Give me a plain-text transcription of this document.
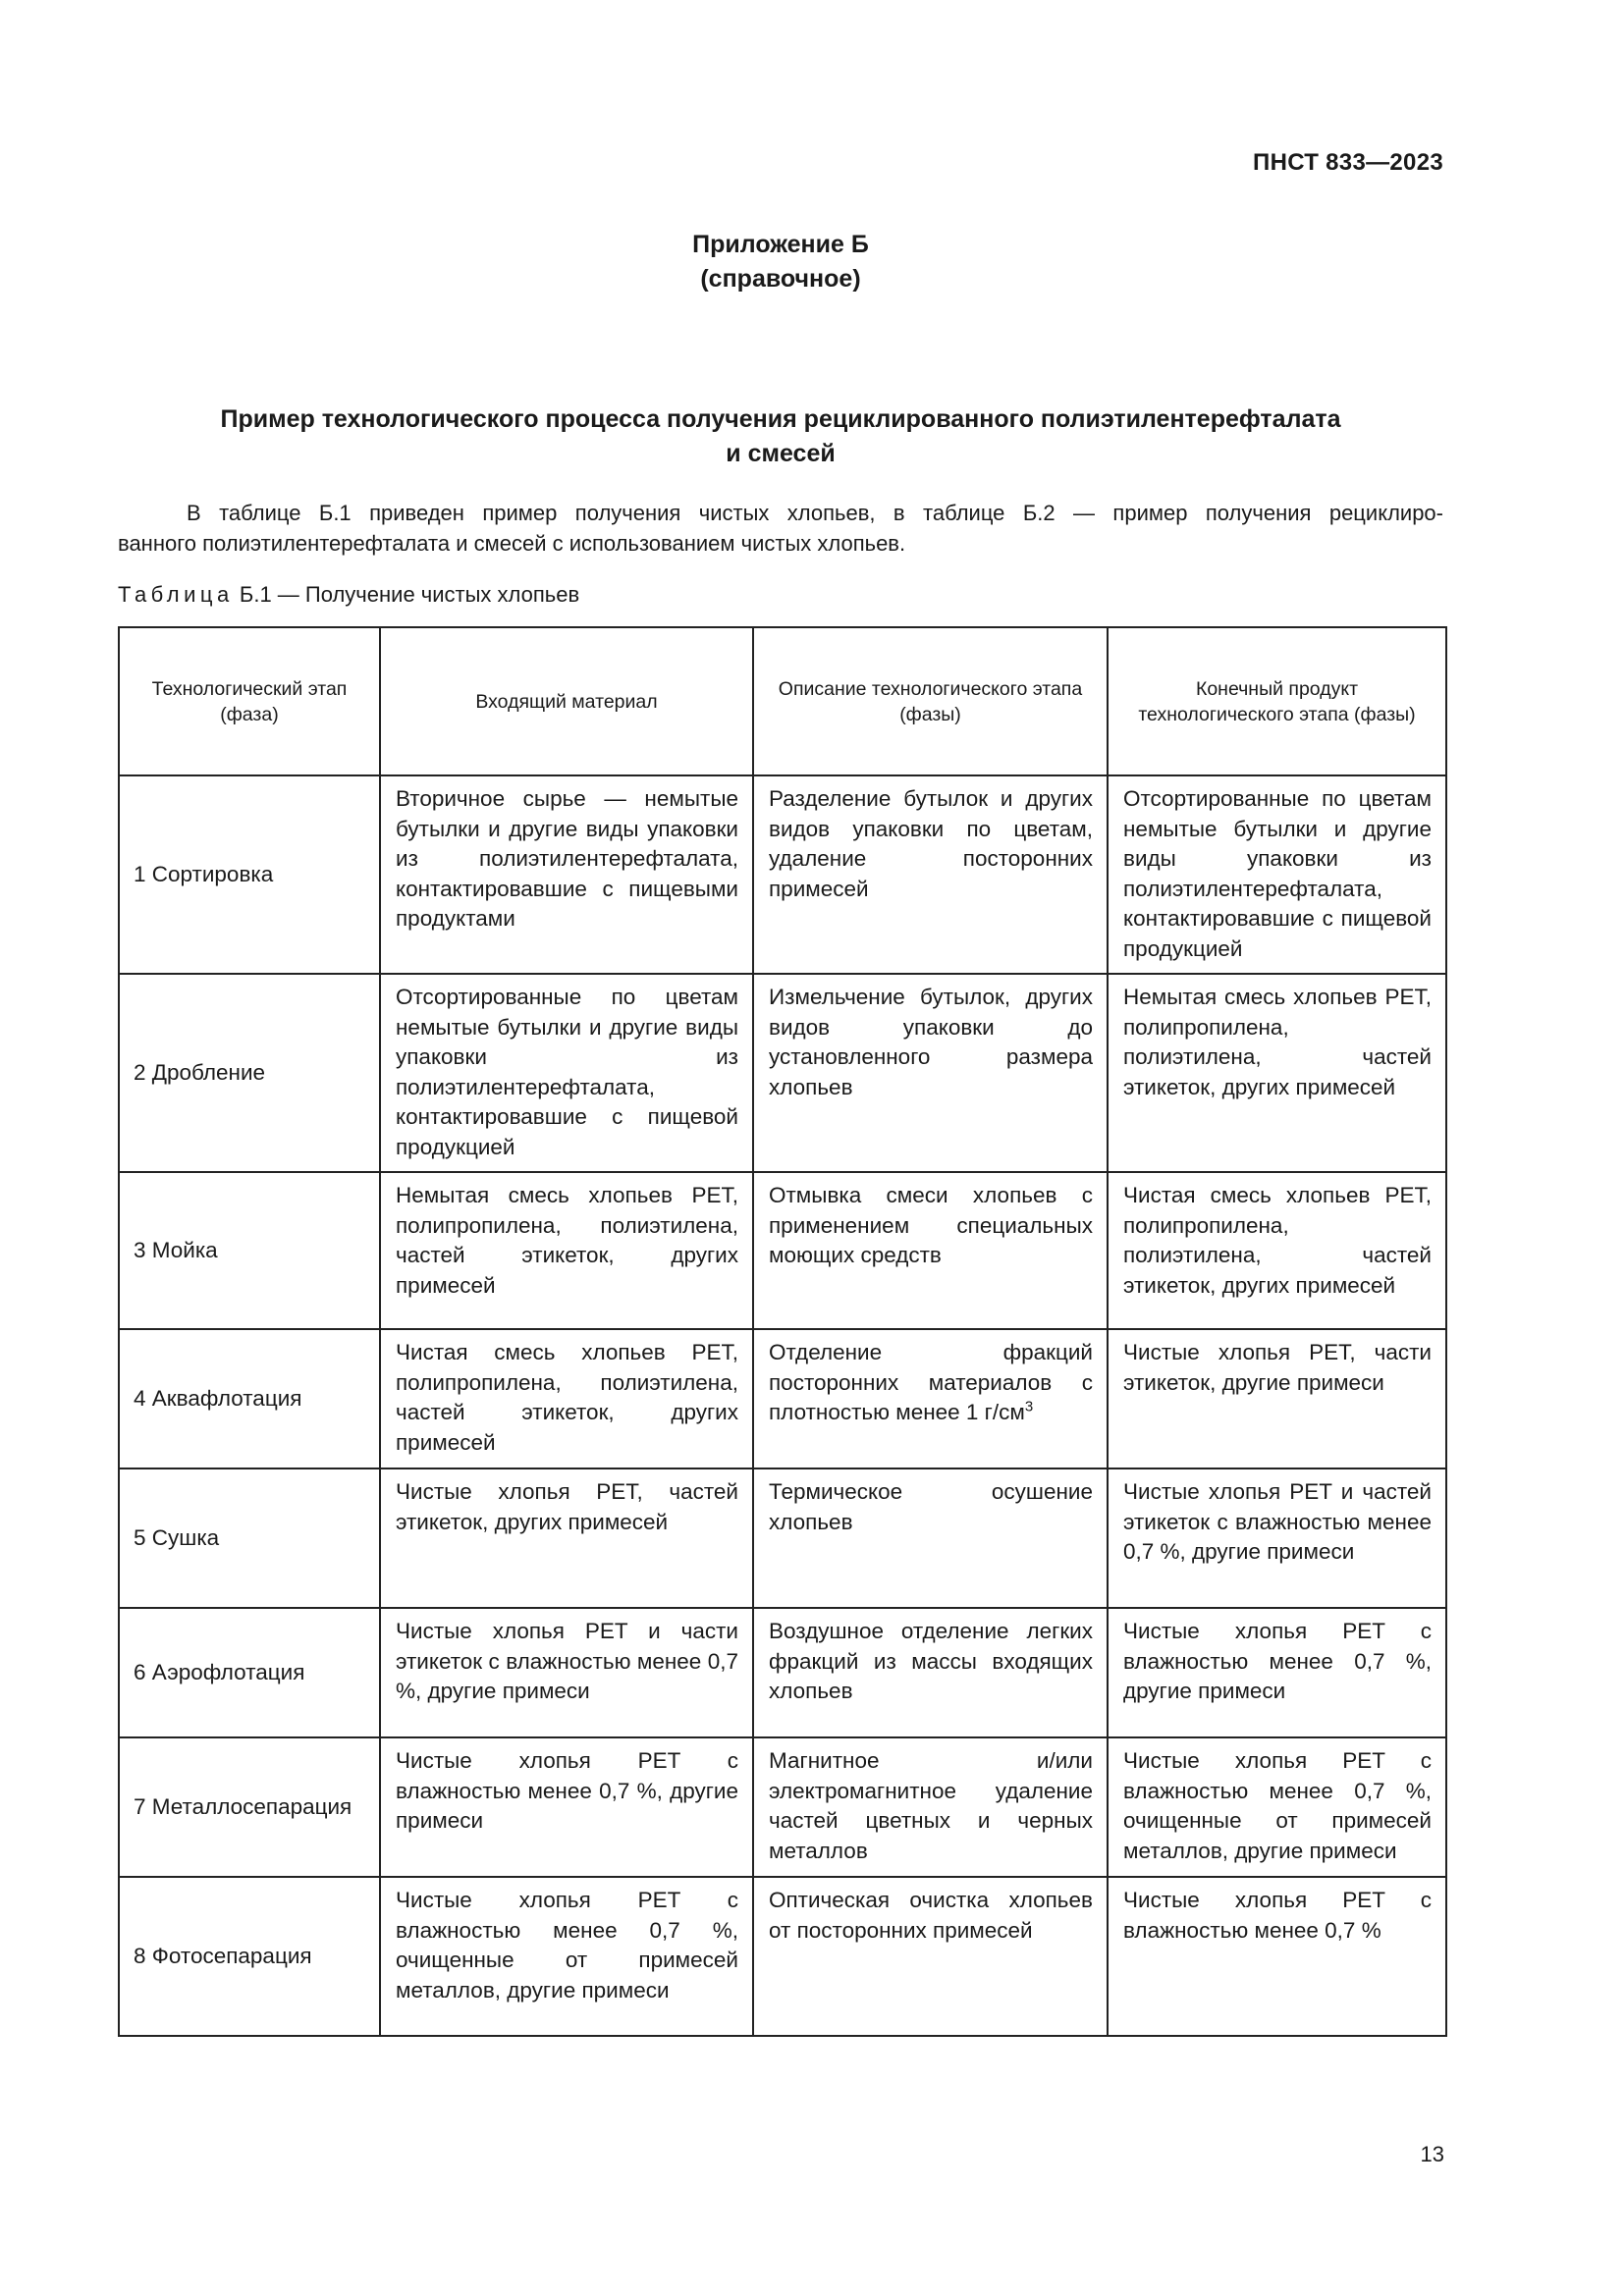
ПНСТ 833—2023
Приложение Б
(справочное)
Пример технологического процесса получения рециклированного полиэтилентерефталата
и смесей
В таблице Б.1 приведен пример получения чистых хлопьев, в таблице Б.2 — пример получения рециклиро-
ванного полиэтилентерефталата и смесей с использованием чистых хлопьев.
Таблица Б.1 — Получение чистых хлопьев
Технологический этап (фаза)	Входящий материал	Описание технологического этапа (фазы)	Конечный продукт технологического этапа (фазы)
1 Сортировка	Вторичное сырье — немытые бутылки и другие виды упаковки из полиэтилентерефталата, контактировавшие с пищевыми продуктами	Разделение бутылок и других видов упаковки по цветам, удаление посторонних примесей	Отсортированные по цветам немытые бутылки и другие виды упаковки из полиэтилентерефталата, контактировавшие с пищевой продукцией
2 Дробление	Отсортированные по цветам немытые бутылки и другие виды упаковки из полиэтилентерефталата, контактировавшие с пищевой продукцией	Измельчение бутылок, других видов упаковки до установленного размера хлопьев	Немытая смесь хлопьев PET, полипропилена, полиэтилена, частей этикеток, других примесей
3 Мойка	Немытая смесь хлопьев PET, полипропилена, полиэтилена, частей этикеток, других примесей	Отмывка смеси хлопьев с применением специальных моющих средств	Чистая смесь хлопьев PET, полипропилена, полиэтилена, частей этикеток, других примесей
4 Аквафлотация	Чистая смесь хлопьев PET, полипропилена, полиэтилена, частей этикеток, других примесей	Отделение фракций посторонних материалов с плотностью менее 1 $г/см^3$	Чистые хлопья PET, части этикеток, другие примеси
5 Сушка	Чистые хлопья PET, частей этикеток, других примесей	Термическое осушение хлопьев	Чистые хлопья PET и частей этикеток с влажностью менее 0,7 %, другие примеси
6 Аэрофлотация	Чистые хлопья PET и части этикеток с влажностью менее 0,7 %, другие примеси	Воздушное отделение легких фракций из массы входящих хлопьев	Чистые хлопья PET с влажностью менее 0,7 %, другие примеси
7 Металлосепарация	Чистые хлопья PET с влажностью менее 0,7 %, другие примеси	Магнитное и/или электромагнитное удаление частей цветных и черных металлов	Чистые хлопья PET с влажностью менее 0,7 %, очищенные от примесей металлов, другие примеси
8 Фотосепарация	Чистые хлопья PET с влажностью менее 0,7 %, очищенные от примесей металлов, другие примеси	Оптическая очистка хлопьев от посторонних примесей	Чистые хлопья PET с влажностью менее 0,7 %
13
